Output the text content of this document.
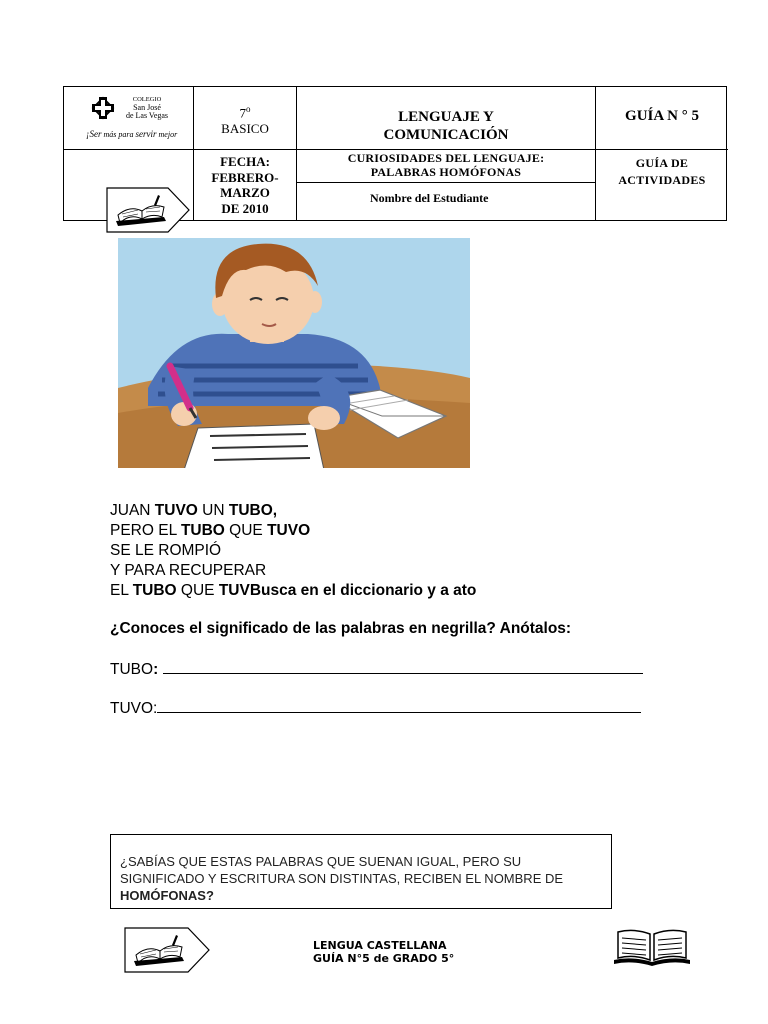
COLEGIO
San José
de Las Vegas
¡Ser más para servir mejor
7$^o$
BASICO
LENGUAJE Y
COMUNICACIÓN
GUÍA N ° 5
FECHA:
FEBRERO-
MARZO
DE 2010
CURIOSIDADES DEL LENGUAJE:
PALABRAS HOMÓFONAS
Nombre del Estudiante
GUÍA DE
ACTIVIDADES
JUAN TUVO UN TUBO,
PERO EL TUBO QUE TUVO
SE LE ROMPIÓ
Y PARA RECUPERAR
EL TUBO QUE TUVBusca en el diccionario y a ato
¿Conoces el significado de las palabras en negrilla? Anótalos:
TUBO:
TUVO:
¿SABÍAS QUE ESTAS PALABRAS QUE SUENAN IGUAL, PERO SU SIGNIFICADO Y ESCRITURA SON DISTINTAS, RECIBEN EL NOMBRE DE HOMÓFONAS?
LENGUA CASTELLANA
GUÍA N°5 de GRADO 5°
